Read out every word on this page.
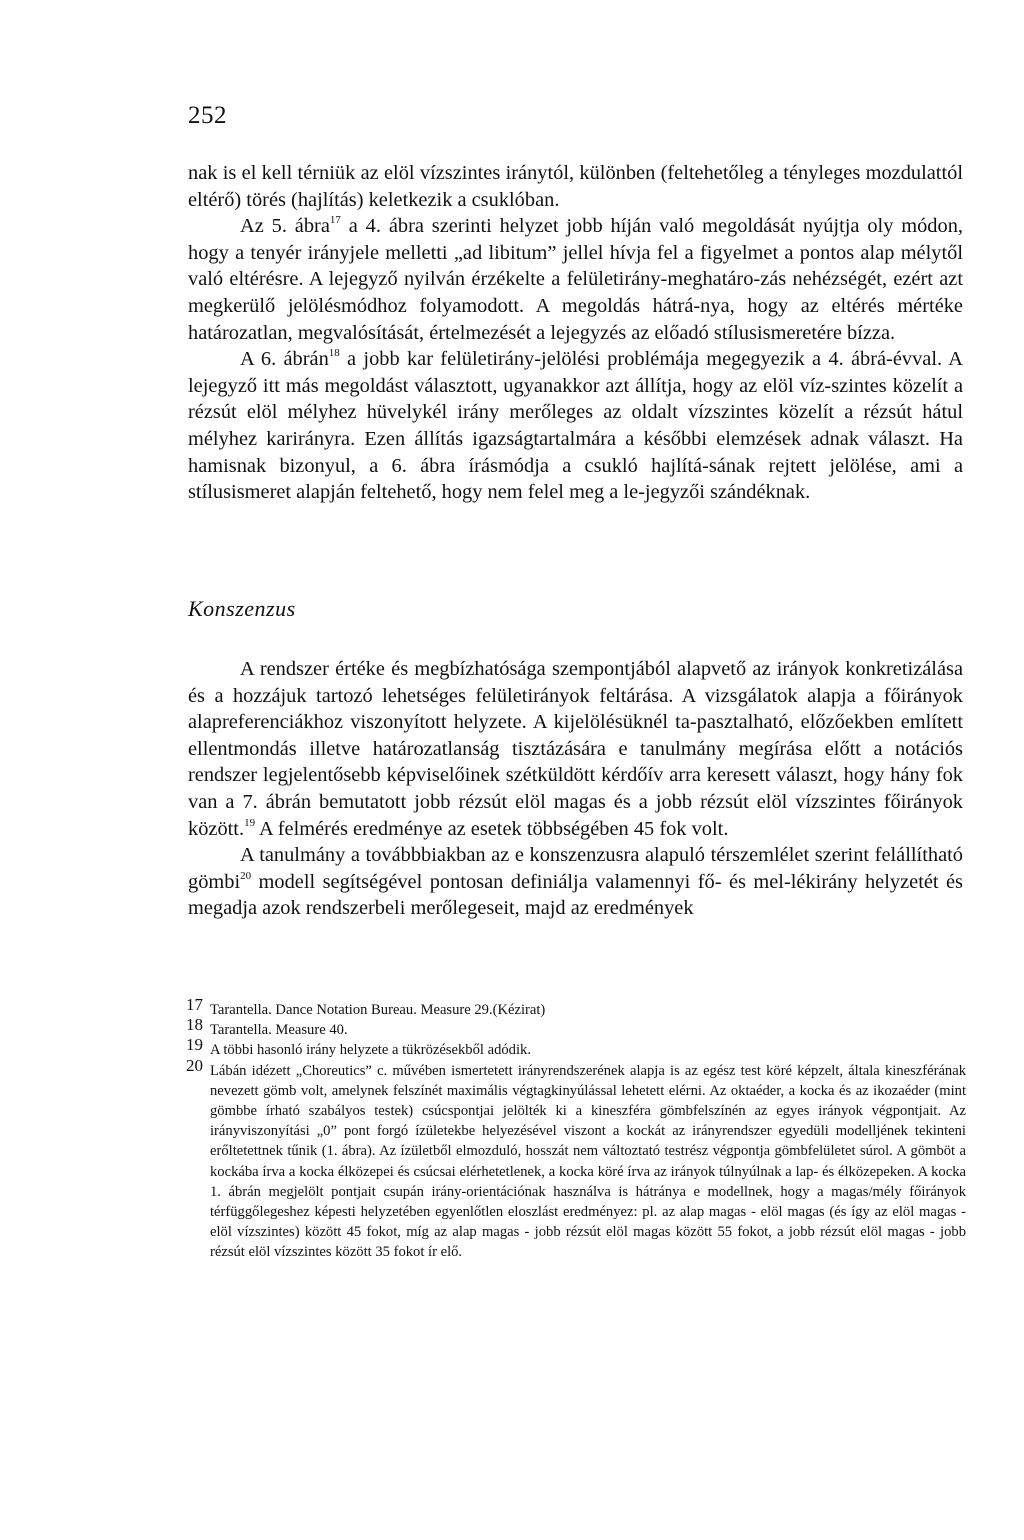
252

nak is el kell térniük az elöl vízszintes iránytól, különben (feltehetőleg a tényleges mozdulattól eltérő) törés (hajlítás) keletkezik a csuklóban.

Az 5. ábra$^{17}$ a 4. ábra szerinti helyzet jobb híján való megoldását nyújtja oly módon, hogy a tenyér irányjele melletti „ad libitum” jellel hívja fel a figyelmet a pontos alap mélytől való eltérésre. A lejegyző nyilván érzékelte a felületirány-meghatáro-zás nehézségét, ezért azt megkerülő jelölésmódhoz folyamodott. A megoldás hátrá-nya, hogy az eltérés mértéke határozatlan, megvalósítását, értelmezését a lejegyzés az előadó stílusismeretére bízza.

A 6. ábrán$^{18}$ a jobb kar felületirány-jelölési problémája megegyezik a 4. ábrá-évval. A lejegyző itt más megoldást választott, ugyanakkor azt állítja, hogy az elöl víz-szintes közelít a rézsút elöl mélyhez hüvelykél irány merőleges az oldalt vízszintes közelít a rézsút hátul mélyhez karirányra. Ezen állítás igazságtartalmára a későbbi elemzések adnak választ. Ha hamisnak bizonyul, a 6. ábra írásmódja a csukló hajlítá-sának rejtett jelölése, ami a stílusismeret alapján feltehető, hogy nem felel meg a le-jegyzői szándéknak.

Konszenzus

A rendszer értéke és megbízhatósága szempontjából alapvető az irányok konkretizálása és a hozzájuk tartozó lehetséges felületirányok feltárása. A vizsgálatok alapja a főirányok alapreferenciákhoz viszonyított helyzete. A kijelölésüknél ta-pasztalható, előzőekben említett ellentmondás illetve határozatlanság tisztázására e tanulmány megírása előtt a notációs rendszer legjelentősebb képviselőinek szétküldött kérdőív arra keresett választ, hogy hány fok van a 7. ábrán bemutatott jobb rézsút elöl magas és a jobb rézsút elöl vízszintes főirányok között.$^{19}$ A felmérés eredménye az esetek többségében 45 fok volt.

A tanulmány a továbbbiakban az e konszenzusra alapuló térszemlélet szerint felállítható gömbi$^{20}$ modell segítségével pontosan definiálja valamennyi fő- és mel-lékirány helyzetét és megadja azok rendszerbeli merőlegeseit, majd az eredmények

17 Tarantella. Dance Notation Bureau. Measure 29.(Kézirat)
18 Tarantella. Measure 40.
19 A többi hasonló irány helyzete a tükrözésekből adódik.
20 Lábán idézett „Choreutics” c. művében ismertetett irányrendszerének alapja is az egész test köré képzelt, általa kineszférának nevezett gömb volt, amelynek felszínét maximális végtagkinyúlással lehetett elérni. Az oktaéder, a kocka és az ikozaéder (mint gömbbe írható szabályos testek) csúcspontjai jelölték ki a kineszféra gömbfelszínén az egyes irányok végpontjait. Az irányviszonyítási „0” pont forgó ízületekbe helyezésével viszont a kockát az irányrendszer egyedüli modelljének tekinteni erőltetettnek tűnik (1. ábra). Az ízületből elmozduló, hosszát nem változtató testrész végpontja gömbfelületet súrol. A gömböt a kockába írva a kocka élközepei és csúcsai elérhetetlenek, a kocka köré írva az irányok túlnyúlnak a lap- és élközepeken. A kocka 1. ábrán megjelölt pontjait csupán irány-orientációnak használva is hátránya e modellnek, hogy a magas/mély főirányok térfüggőlegeshez képesti helyzetében egyenlőtlen eloszlást eredményez: pl. az alap magas - elöl magas (és így az elöl magas - elöl vízszintes) között 45 fokot, míg az alap magas - jobb rézsút elöl magas között 55 fokot, a jobb rézsút elöl magas - jobb rézsút elöl vízszintes között 35 fokot ír elő.
